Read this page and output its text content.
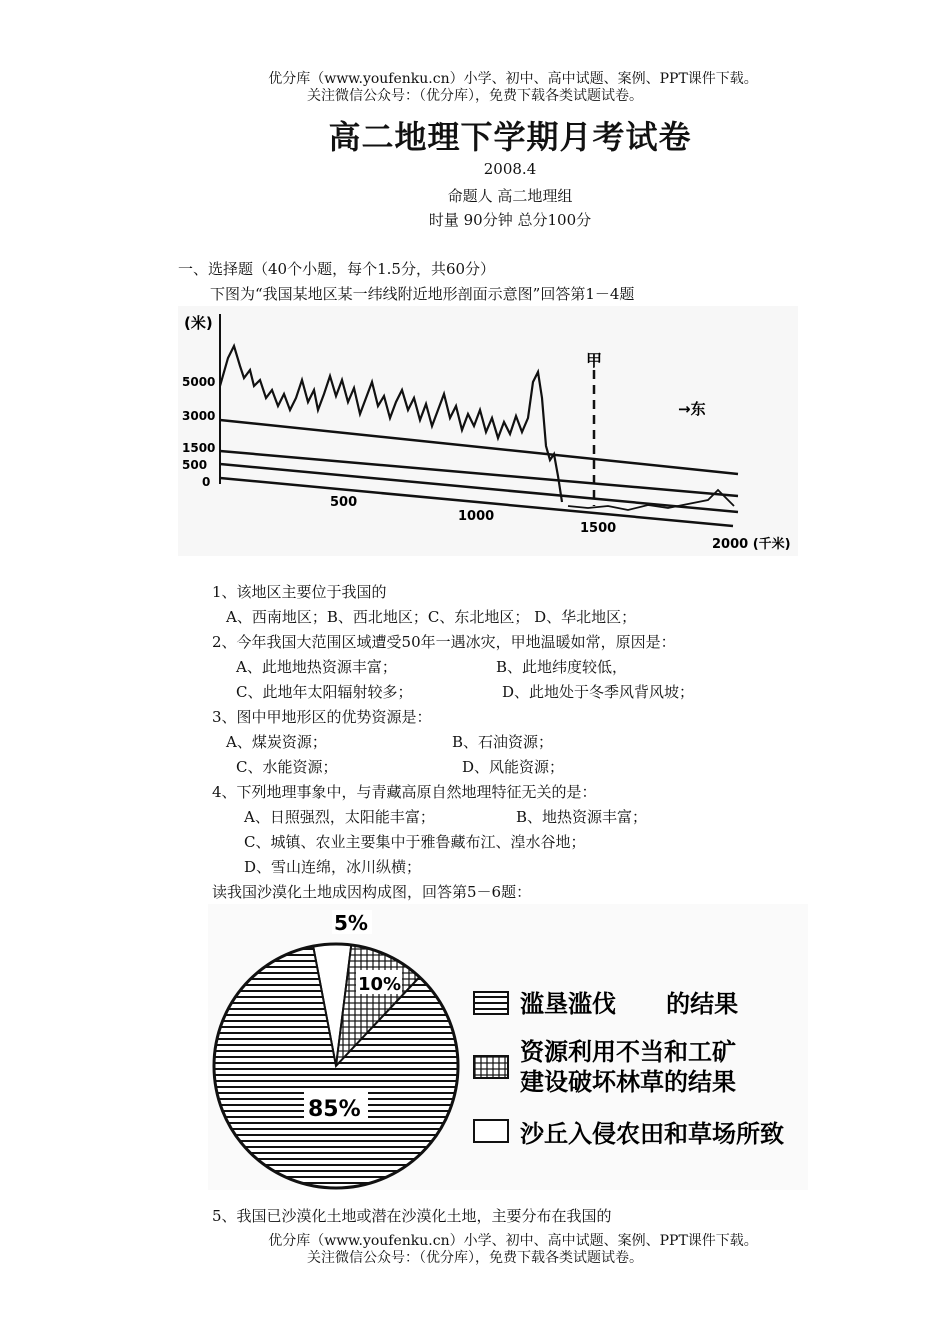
优分库（www.youfenku.cn）小学、初中、高中试题、案例、PPT课件下载。
关注微信公众号：（优分库），免费下载各类试题试卷。
高二地理下学期月考试卷
2008.4
命题人 高二地理组
时量 90分钟 总分100分
一、选择题（40个小题，每个1.5分，共60分）
下图为“我国某地区某一纬线附近地形剖面示意图”回答第1－4题
(米)
5000
3000
1500
500
0
甲
→东
500
1000
1500
2000 (千米)
1、该地区主要位于我国的
A、西南地区；B、西北地区；C、东北地区； D、华北地区；
2、今年我国大范围区域遭受50年一遇冰灾，甲地温暖如常，原因是：
A、此地地热资源丰富；	B、此地纬度较低，
C、此地年太阳辐射较多；	D、此地处于冬季风背风坡；
3、图中甲地形区的优势资源是：
A、煤炭资源；	B、石油资源；
C、水能资源；	D、风能资源；
4、下列地理事象中，与青藏高原自然地理特征无关的是：
A、日照强烈，太阳能丰富；	B、地热资源丰富；
C、城镇、农业主要集中于雅鲁藏布江、湟水谷地；
D、雪山连绵，冰川纵横；
读我国沙漠化土地成因构成图，回答第5－6题：
85%
5%
10%
滥垦滥伐      的结果
资源利用不当和工矿
建设破坏林草的结果
沙丘入侵农田和草场所致
5、我国已沙漠化土地或潜在沙漠化土地，主要分布在我国的
优分库（www.youfenku.cn）小学、初中、高中试题、案例、PPT课件下载。
关注微信公众号：（优分库），免费下载各类试题试卷。
